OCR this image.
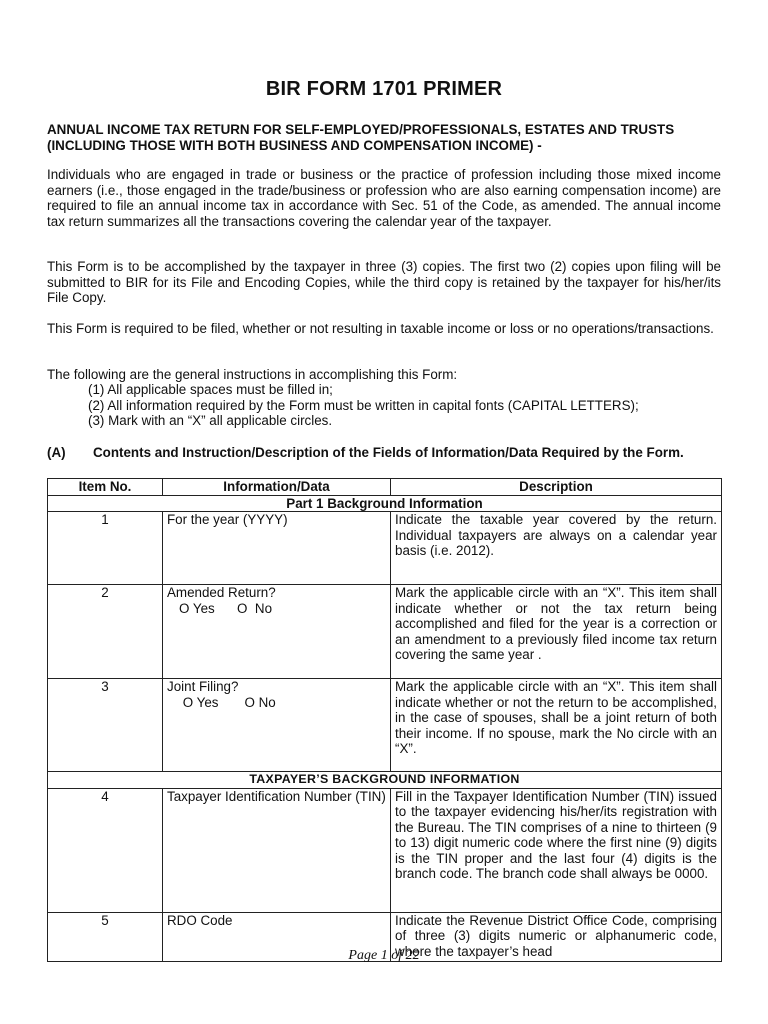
BIR FORM 1701 PRIMER
ANNUAL INCOME TAX RETURN FOR SELF-EMPLOYED/PROFESSIONALS, ESTATES AND TRUSTS (INCLUDING THOSE WITH BOTH BUSINESS AND COMPENSATION INCOME) -
Individuals who are engaged in trade or business or the practice of profession including those mixed income earners (i.e., those engaged in the trade/business or profession who are also earning compensation income) are required to file an annual income tax in accordance with Sec. 51 of the Code, as amended. The annual income tax return summarizes all the transactions covering the calendar year of the taxpayer.
This Form is to be accomplished by the taxpayer in three (3) copies. The first two (2) copies upon filing will be submitted to BIR for its File and Encoding Copies, while the third copy is retained by the taxpayer for his/her/its File Copy.
This Form is required to be filed, whether or not resulting in taxable income or loss or no operations/transactions.
The following are the general instructions in accomplishing this Form:
(1) All applicable spaces must be filled in;
(2) All information required by the Form must be written in capital fonts (CAPITAL LETTERS);
(3) Mark with an “X” all applicable circles.
(A) Contents and Instruction/Description of the Fields of Information/Data Required by the Form.
Item No.	Information/Data	Description
Part 1 Background Information		
1	For the year (YYYY)	Indicate the taxable year covered by the return. Individual taxpayers are always on a calendar year basis (i.e. 2012).
2	Amended Return?
O Yes      O  No	Mark the applicable circle with an “X”. This item shall indicate whether or not the tax return being accomplished and filed for the year is a correction or an amendment to a previously filed income tax return covering the same year .
3	Joint Filing?
O Yes       O No	Mark the applicable circle with an “X”. This item shall indicate whether or not the return to be accomplished, in the case of spouses, shall be a joint return of both their income. If no spouse, mark the No circle with an “X”.
TAXPAYER’S BACKGROUND INFORMATION		
4	Taxpayer Identification Number (TIN)	Fill in the Taxpayer Identification Number (TIN) issued to the taxpayer evidencing his/her/its registration with the Bureau. The TIN comprises of a nine to thirteen (9 to 13) digit numeric code where the first nine (9) digits is the TIN proper and the last four (4) digits is the branch code. The branch code shall always be 0000.
5	RDO Code	Indicate the Revenue District Office Code, comprising of three (3) digits numeric or alphanumeric code, where the taxpayer’s head
Page 1 of 22
